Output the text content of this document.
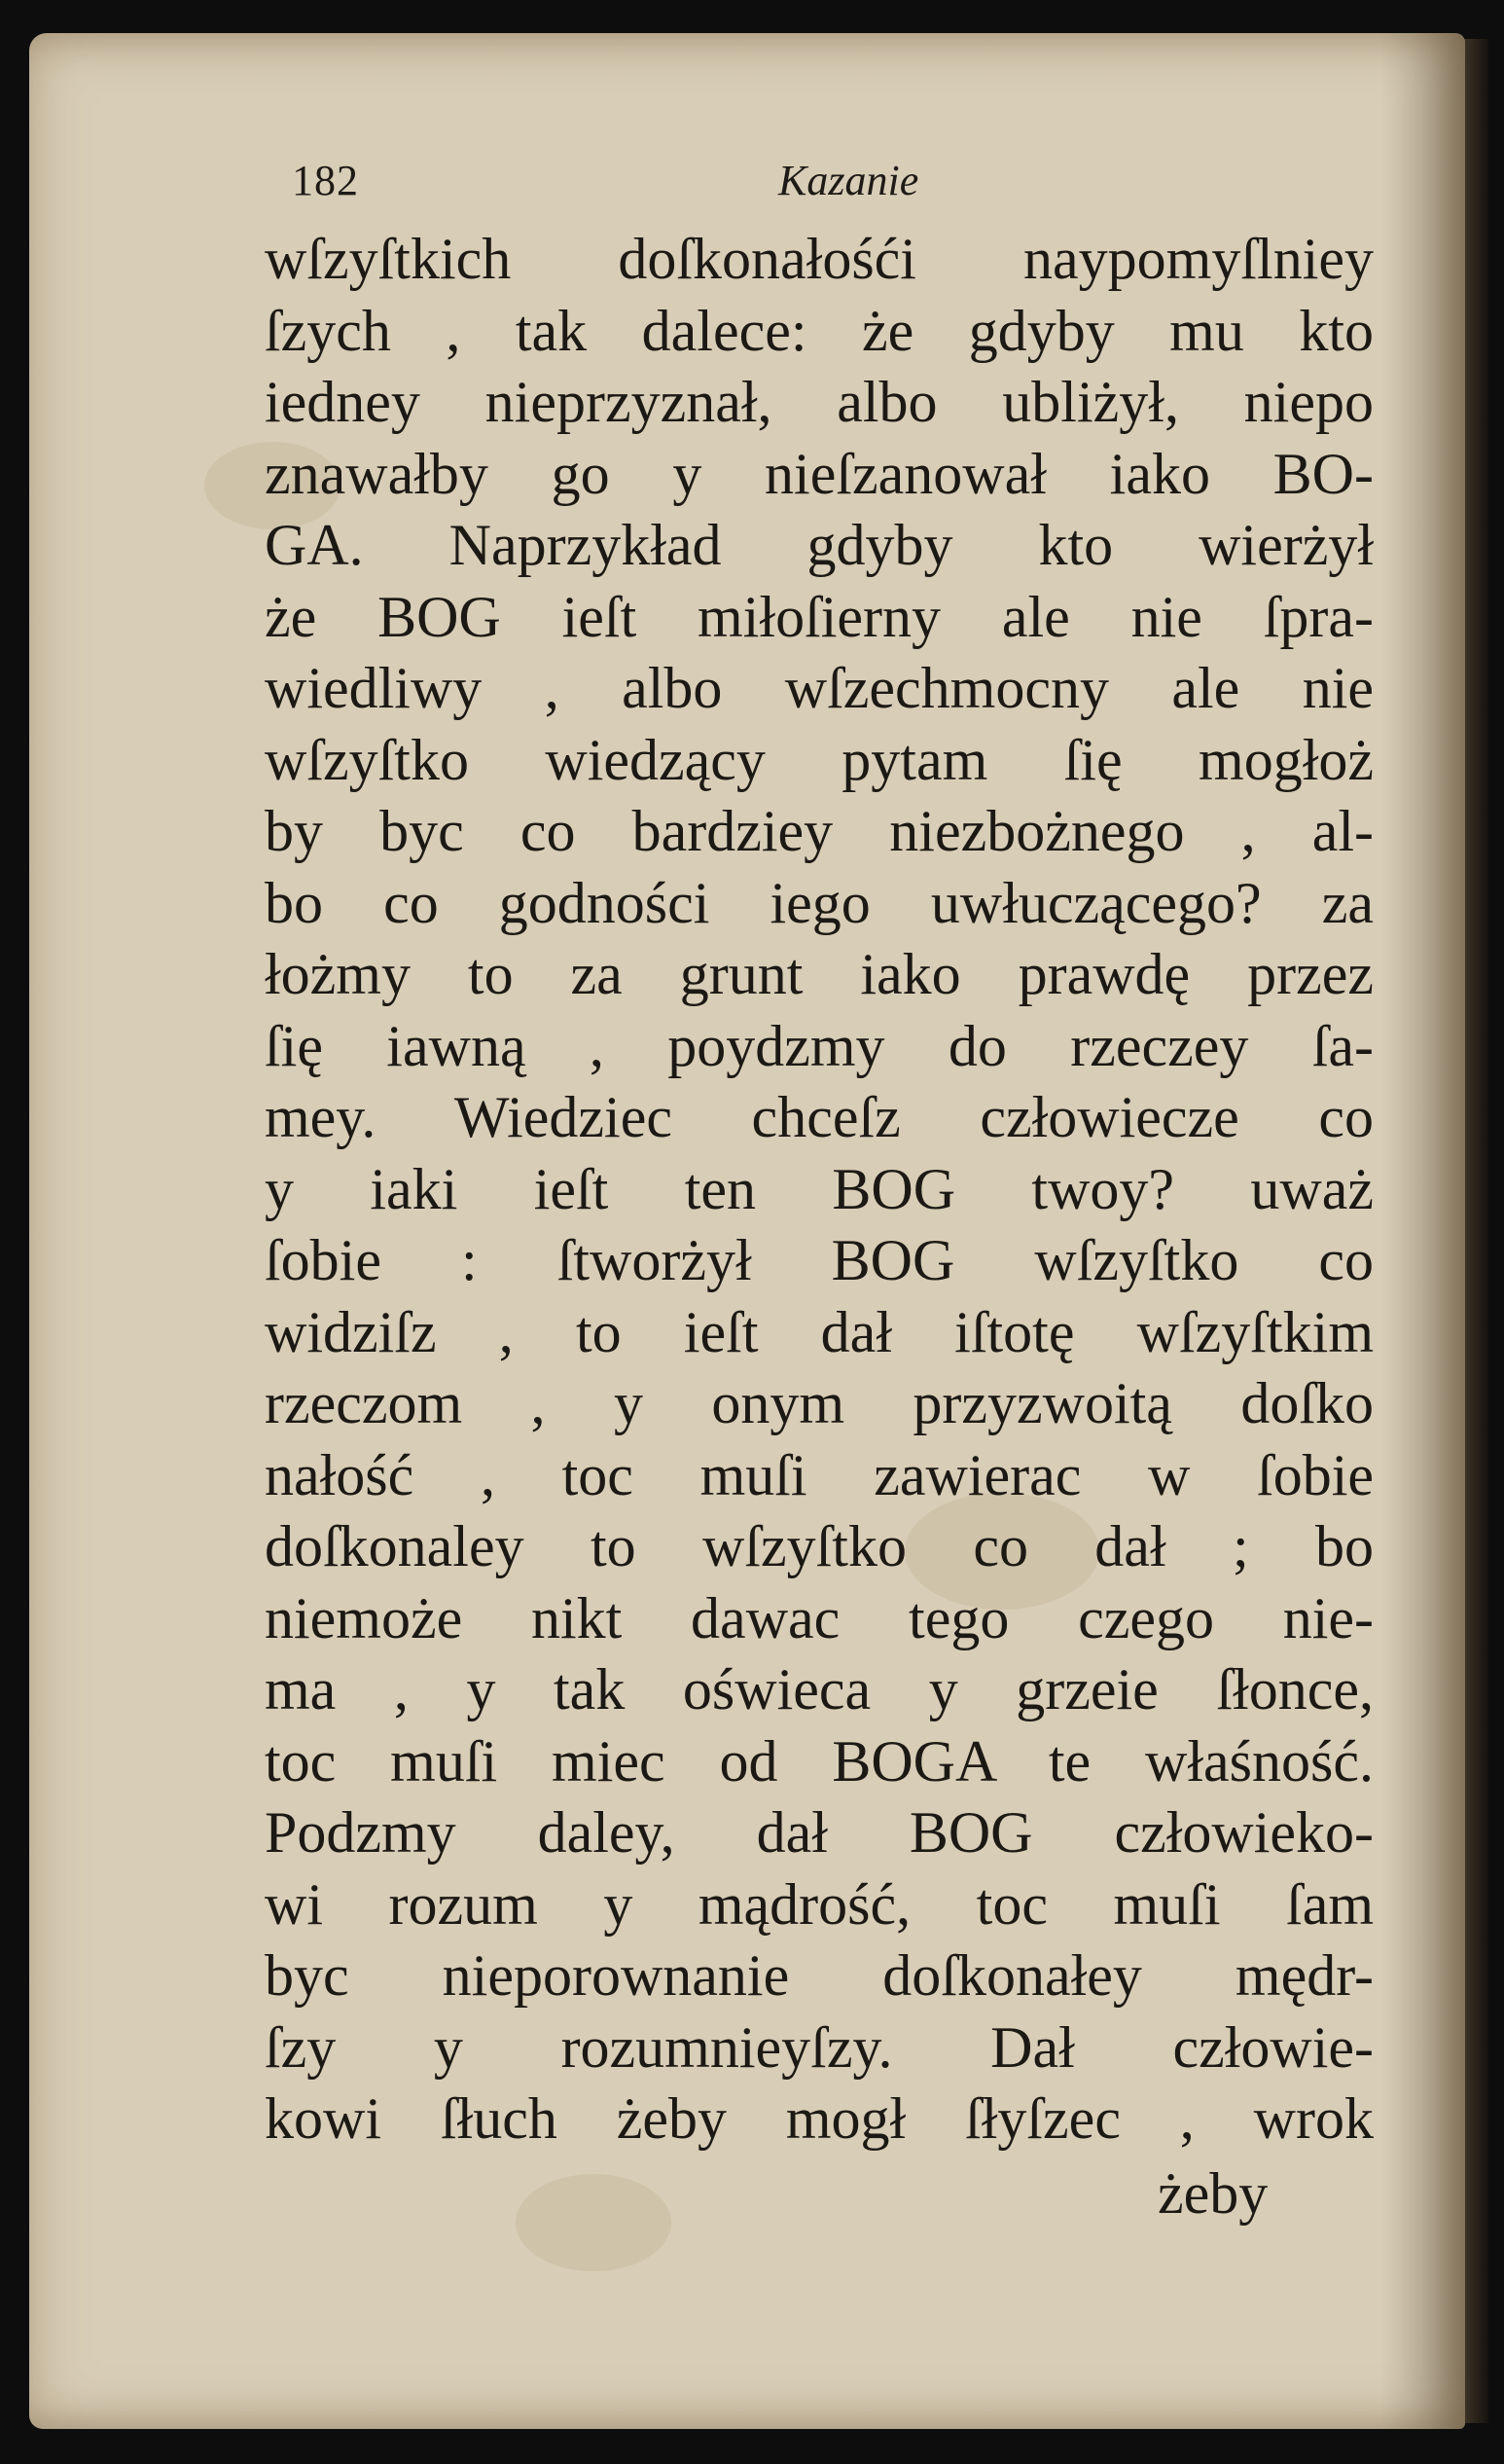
182	Kazanie
wſzyſtkich doſkonałośći naypomyſlniey
ſzych , tak dalece: że gdyby mu kto
iedney nieprzyznał, albo ubliżył, niepo
znawałby go y nieſzanował iako BO-
GA. Naprzykład gdyby kto wierżył
że BOG ieſt miłoſierny ale nie ſpra-
wiedliwy , albo wſzechmocny ale nie
wſzyſtko wiedzący pytam ſię mogłoż
by byc co bardziey niezbożnego , al-
bo co godności iego uwłuczącego? za
łożmy to za grunt iako prawdę przez
ſię iawną , poydzmy do rzeczey ſa-
mey. Wiedziec chceſz człowiecze co
y iaki ieſt ten BOG twoy? uważ
ſobie : ſtworżył BOG wſzyſtko co
widziſz , to ieſt dał iſtotę wſzyſtkim
rzeczom , y onym przyzwoitą doſko
nałość , toc muſi zawierac w ſobie
doſkonaley to wſzyſtko co dał ; bo
niemoże nikt dawac tego czego nie-
ma , y tak oświeca y grzeie ſłonce,
toc muſi miec od BOGA te właśność.
Podzmy daley, dał BOG człowieko-
wi rozum y mądrość, toc muſi ſam
byc nieporownanie doſkonałey mędr-
ſzy y rozumnieyſzy. Dał człowie-
kowi ſłuch żeby mogł ſłyſzec , wrok
żeby
